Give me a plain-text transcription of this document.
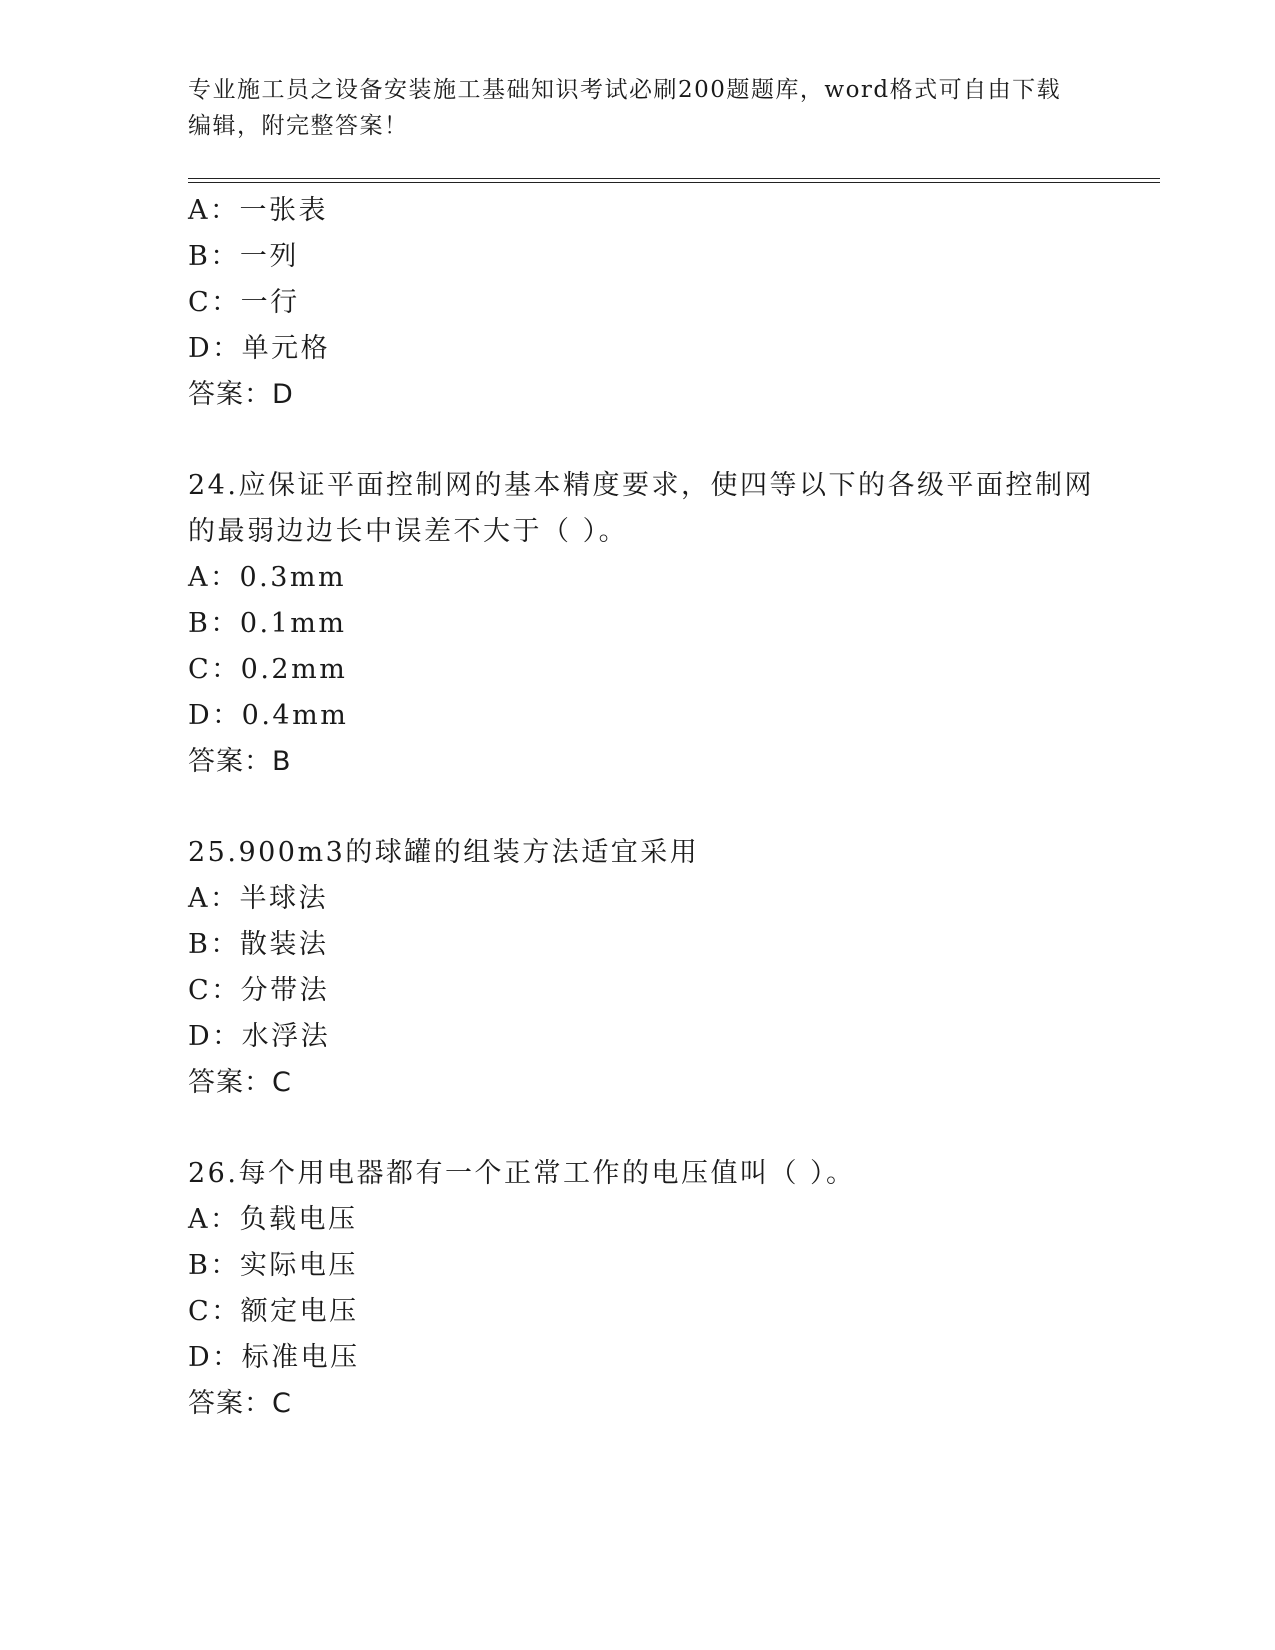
专业施工员之设备安装施工基础知识考试必刷200题题库，word格式可自由下载
编辑，附完整答案！
A：一张表
B：一列
C：一行
D：单元格
答案：D
24.应保证平面控制网的基本精度要求，使四等以下的各级平面控制网
的最弱边边长中误差不大于（ ）。
A：0.3mm
B：0.1mm
C：0.2mm
D：0.4mm
答案：B
25.900m3的球罐的组装方法适宜采用
A：半球法
B：散装法
C：分带法
D：水浮法
答案：C
26.每个用电器都有一个正常工作的电压值叫（ ）。
A：负载电压
B：实际电压
C：额定电压
D：标准电压
答案：C
